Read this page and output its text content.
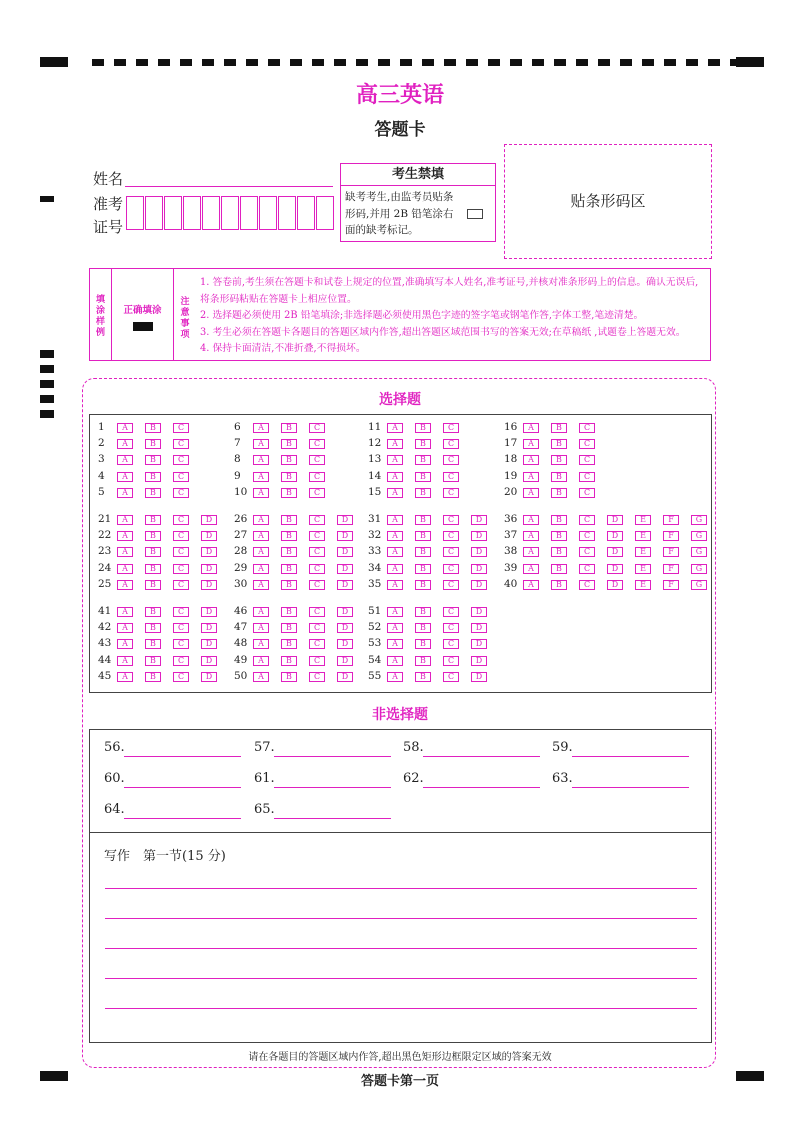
高三英语
答题卡
姓名
准考
证号
考生禁填
缺考考生,由监考员贴条形码,并用 2B 铅笔涂右面的缺考标记。
贴条形码区
填
涂
样
例
正确填涂
注
意
事
项
1. 答卷前,考生须在答题卡和试卷上规定的位置,准确填写本人姓名,准考证号,并核对准条形码上的信息。确认无误后,
将条形码粘贴在答题卡上相应位置。
2. 选择题必须使用 2B 铅笔填涂;非选择题必须使用黑色字迹的签字笔或钢笔作答,字体工整,笔迹清楚。
3. 考生必须在答题卡各题目的答题区域内作答,超出答题区域范围书写的答案无效;在草稿纸 ,试题卷上答题无效。
4. 保持卡面清洁,不准折叠,不得损坏。
选择题
1	A	B	C
2	A	B	C
3	A	B	C
4	A	B	C
5	A	B	C
6	A	B	C
7	A	B	C
8	A	B	C
9	A	B	C
10	A	B	C
11	A	B	C
12	A	B	C
13	A	B	C
14	A	B	C
15	A	B	C
16	A	B	C
17	A	B	C
18	A	B	C
19	A	B	C
20	A	B	C
21	A	B	C	D
22	A	B	C	D
23	A	B	C	D
24	A	B	C	D
25	A	B	C	D
26	A	B	C	D
27	A	B	C	D
28	A	B	C	D
29	A	B	C	D
30	A	B	C	D
31	A	B	C	D
32	A	B	C	D
33	A	B	C	D
34	A	B	C	D
35	A	B	C	D
36	A	B	C	D	E	F	G
37	A	B	C	D	E	F	G
38	A	B	C	D	E	F	G
39	A	B	C	D	E	F	G
40	A	B	C	D	E	F	G
41	A	B	C	D
42	A	B	C	D
43	A	B	C	D
44	A	B	C	D
45	A	B	C	D
46	A	B	C	D
47	A	B	C	D
48	A	B	C	D
49	A	B	C	D
50	A	B	C	D
51	A	B	C	D
52	A	B	C	D
53	A	B	C	D
54	A	B	C	D
55	A	B	C	D
非选择题
写作　第一节(15 分)
56.	57.	58.	59.
60.	61.	62.	63.
64.	65.
请在各题目的答题区域内作答,超出黑色矩形边框限定区域的答案无效
答题卡第一页
